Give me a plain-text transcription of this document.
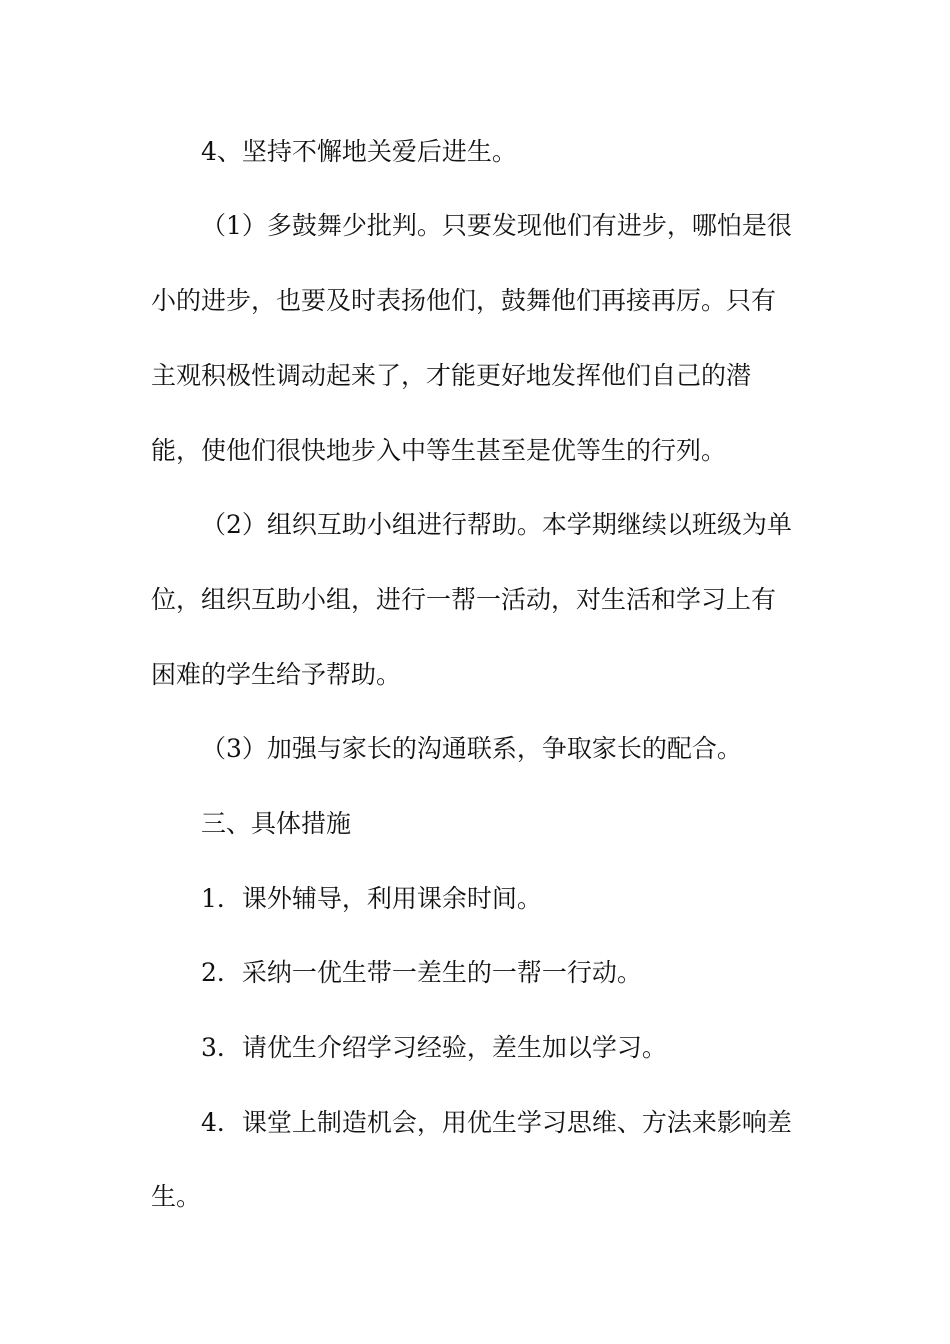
4、坚持不懈地关爱后进生。
（1）多鼓舞少批判。只要发现他们有进步，哪怕是很
小的进步，也要及时表扬他们，鼓舞他们再接再厉。只有
主观积极性调动起来了，才能更好地发挥他们自己的潜
能，使他们很快地步入中等生甚至是优等生的行列。
（2）组织互助小组进行帮助。本学期继续以班级为单
位，组织互助小组，进行一帮一活动，对生活和学习上有
困难的学生给予帮助。
（3）加强与家长的沟通联系，争取家长的配合。
三、具体措施
1．课外辅导，利用课余时间。
2．采纳一优生带一差生的一帮一行动。
3．请优生介绍学习经验，差生加以学习。
4．课堂上制造机会，用优生学习思维、方法来影响差
生。
